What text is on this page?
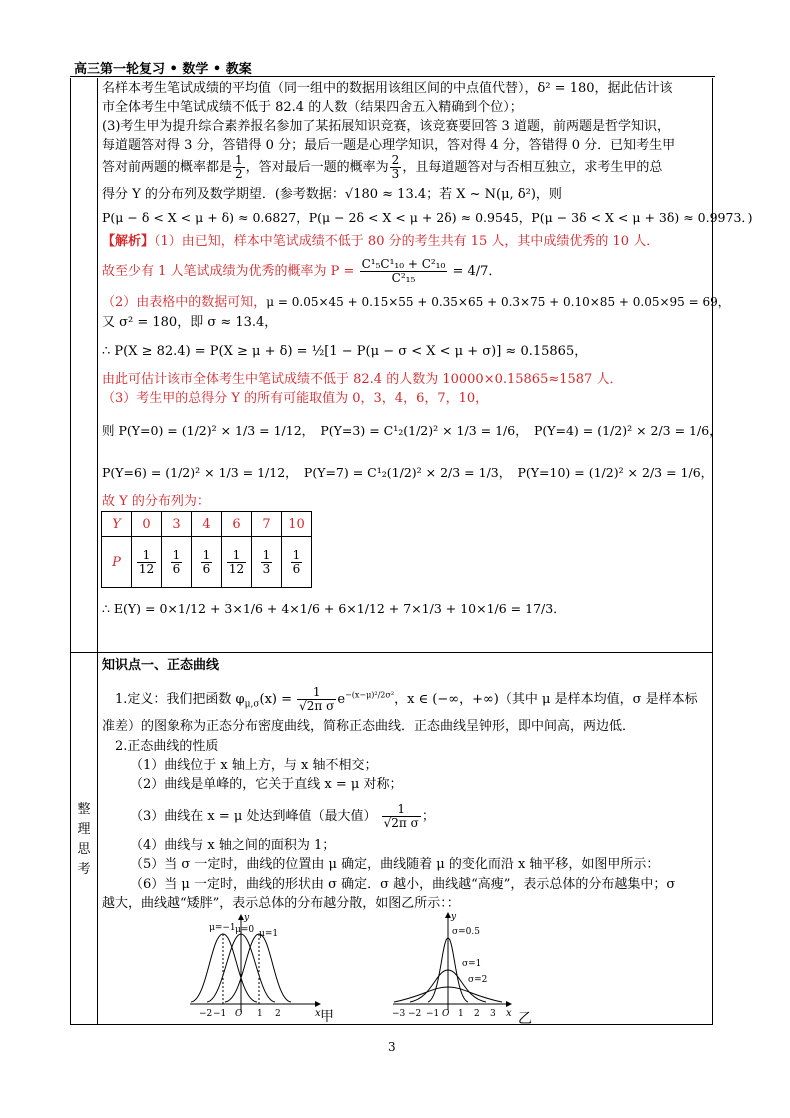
高三第一轮复习 • 数学 • 教案
整
理
思
考
名样本考生笔试成绩的平均值（同一组中的数据用该组区间的中点值代替），δ² = 180，据此估计该
市全体考生中笔试成绩不低于 82.4 的人数（结果四舍五入精确到个位）；
(3)考生甲为提升综合素养报名参加了某拓展知识竞赛，该竞赛要回答 3 道题，前两题是哲学知识，
每道题答对得 3 分，答错得 0 分；最后一题是心理学知识，答对得 4 分，答错得 0 分．已知考生甲
答对前两题的概率都是 $\frac{1}{2}$ ，答对最后一题的概率为 $\frac{2}{3}$ ，且每道题答对与否相互独立，求考生甲的总
得分 Y 的分布列及数学期望．(参考数据：√180 ≈ 13.4；若 X ~ N(μ, δ²)，则
P(μ − δ < X < μ + δ) ≈ 0.6827，P(μ − 2δ < X < μ + 2δ) ≈ 0.9545，P(μ − 3δ < X < μ + 3δ) ≈ 0.9973．)
【解析】（1）由已知，样本中笔试成绩不低于 80 分的考生共有 15 人，其中成绩优秀的 10 人．
故至少有 1 人笔试成绩为优秀的概率为 $P = \frac{\text{C¹₅C¹₁₀ + C²₁₀}}{\text{C²₁₅}} = 4/7$．
（2）由表格中的数据可知，μ = 0.05×45 + 0.15×55 + 0.35×65 + 0.3×75 + 0.10×85 + 0.05×95 = 69，
又 σ² = 180，即 σ ≈ 13.4，
∴ P(X ≥ 82.4) = P(X ≥ μ + δ) = ½[1 − P(μ − σ < X < μ + σ)] ≈ 0.15865，
由此可估计该市全体考生中笔试成绩不低于 82.4 的人数为 10000×0.15865≈1587 人．
（3）考生甲的总得分 Y 的所有可能取值为 0，3，4，6，7，10，
则 P(Y=0) = (1/2)² × 1/3 = 1/12，　P(Y=3) = C¹₂(1/2)² × 1/3 = 1/6，　P(Y=4) = (1/2)² × 2/3 = 1/6，
P(Y=6) = (1/2)² × 1/3 = 1/12，　P(Y=7) = C¹₂(1/2)² × 2/3 = 1/3，　P(Y=10) = (1/2)² × 2/3 = 1/6，
故 Y 的分布列为：
Y	0	3	4	6	7	10
P	$\frac{1}{12}$	$\frac{1}{6}$	$\frac{1}{6}$	$\frac{1}{12}$	$\frac{1}{3}$	$\frac{1}{6}$
∴ E(Y) = 0×1/12 + 3×1/6 + 4×1/6 + 6×1/12 + 7×1/3 + 10×1/6 = 17/3．
知识点一、正态曲线
1.定义：我们把函数 $\varphi_{\mu,\sigma}(x) = \frac{1}{\text{√2π σ}} e^{-(x-\mu)^2/2\sigma^2}$，x ∈ (−∞，+∞)（其中 μ 是样本均值，σ 是样本标
准差）的图象称为正态分布密度曲线，简称正态曲线．正态曲线呈钟形，即中间高，两边低．
2.正态曲线的性质
（1）曲线位于 x 轴上方，与 x 轴不相交；
（2）曲线是单峰的，它关于直线 x = μ 对称；
（3）曲线在 x = μ 处达到峰值（最大值） $\frac{1}{\text{√2π σ}}$ ；
（4）曲线与 x 轴之间的面积为 1；
（5）当 σ 一定时，曲线的位置由 μ 确定，曲线随着 μ 的变化而沿 x 轴平移，如图甲所示：
（6）当 μ 一定时，曲线的形状由 σ 确定．σ 越小，曲线越“高瘦”，表示总体的分布越集中；σ
越大，曲线越“矮胖”，表示总体的分布越分散，如图乙所示：：
μ=−1 μ=0 μ=1
y
x
−2 −1 O 1 2	甲
σ=0.5
σ=1
σ=2
y
x
−3 −2 −1 O 1 2 3 乙
3
